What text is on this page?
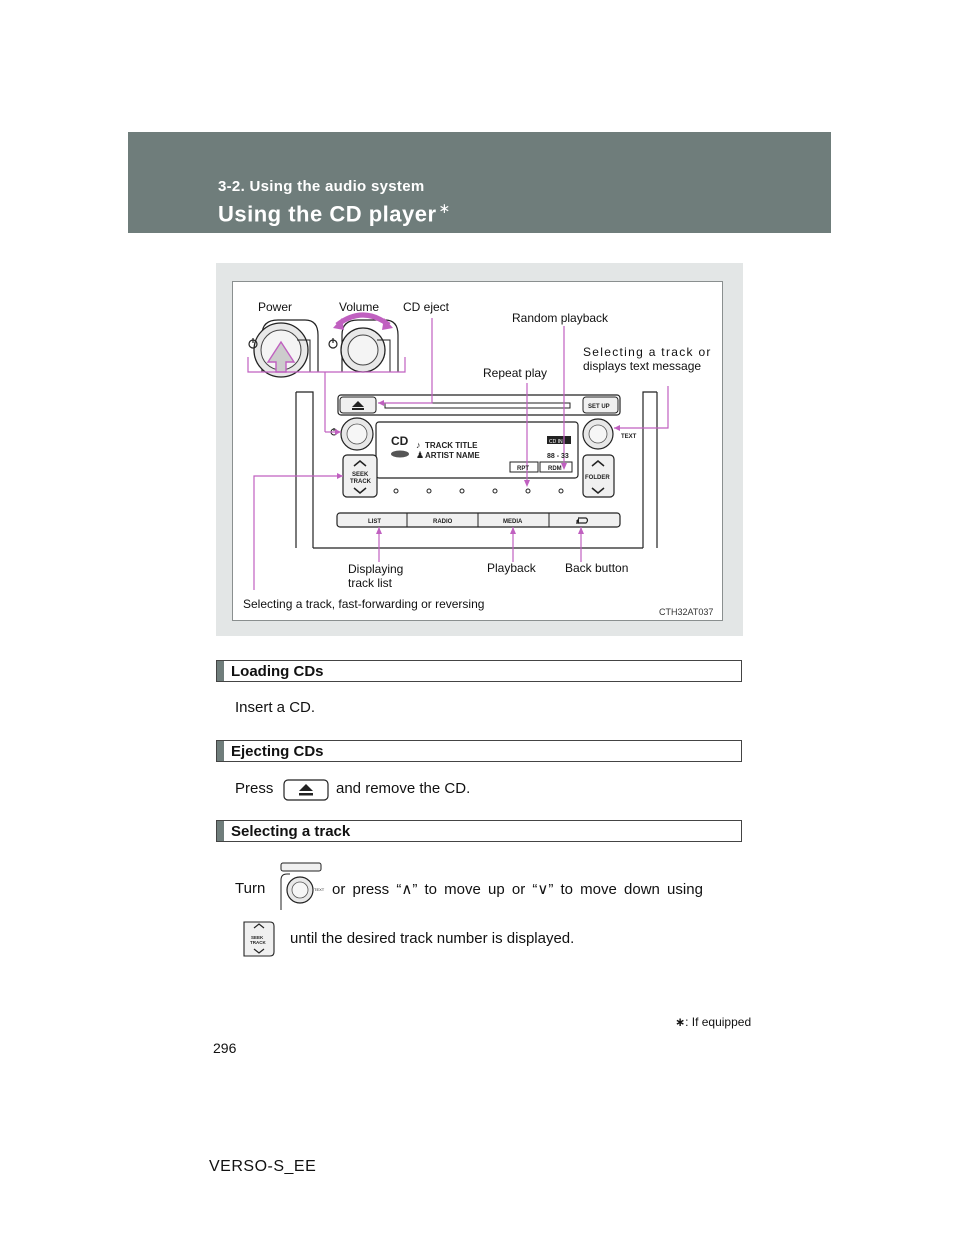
3-2. Using the audio system
Using the CD player ∗
♪
♟
CD TRACK TITLE
ARTIST NAME
CD IN
88 - 33
RPT	RDM
SET UP
TEXT
SEEK
TRACK
FOLDER
LIST	RADIO	MEDIA
Power	Volume CD eject
Random playback
Repeat play
Selecting a track or
displays text message
Displaying
track list
Playback Back button
Selecting a track, fast-forwarding or reversing
CTH32AT037
Loading CDs
Insert a CD.
Ejecting CDs
Press	and remove the CD.
Selecting a track
Turn	TEXT or press “∧” to move up or “∨” to move down using
SEEK
TRACK until the desired track number is displayed.
∗: If equipped
296
VERSO-S_EE
